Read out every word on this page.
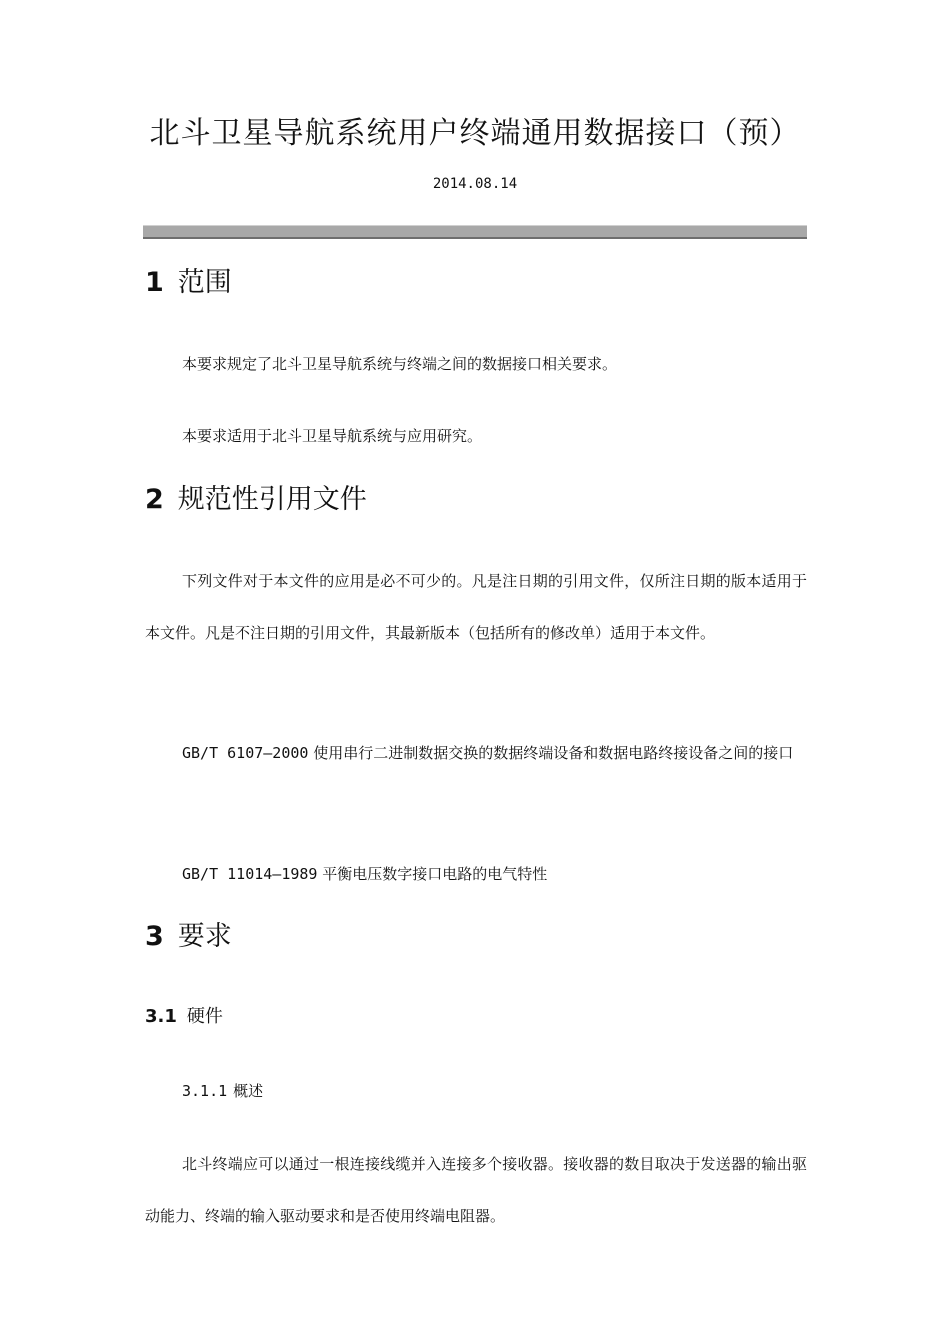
北斗卫星导航系统用户终端通用数据接口（预）
2014.08.14
1 范围

本要求规定了北斗卫星导航系统与终端之间的数据接口相关要求。

本要求适用于北斗卫星导航系统与应用研究。

2 规范性引用文件

下列文件对于本文件的应用是必不可少的。凡是注日期的引用文件，仅所注日期的版本适用于本文件。凡是不注日期的引用文件，其最新版本（包括所有的修改单）适用于本文件。

GB/T 6107—2000 使用串行二进制数据交换的数据终端设备和数据电路终接设备之间的接口

GB/T 11014—1989 平衡电压数字接口电路的电气特性

3 要求
3.1 硬件
3.1.1 概述

北斗终端应可以通过一根连接线缆并入连接多个接收器。接收器的数目取决于发送器的输出驱动能力、终端的输入驱动要求和是否使用终端电阻器。
